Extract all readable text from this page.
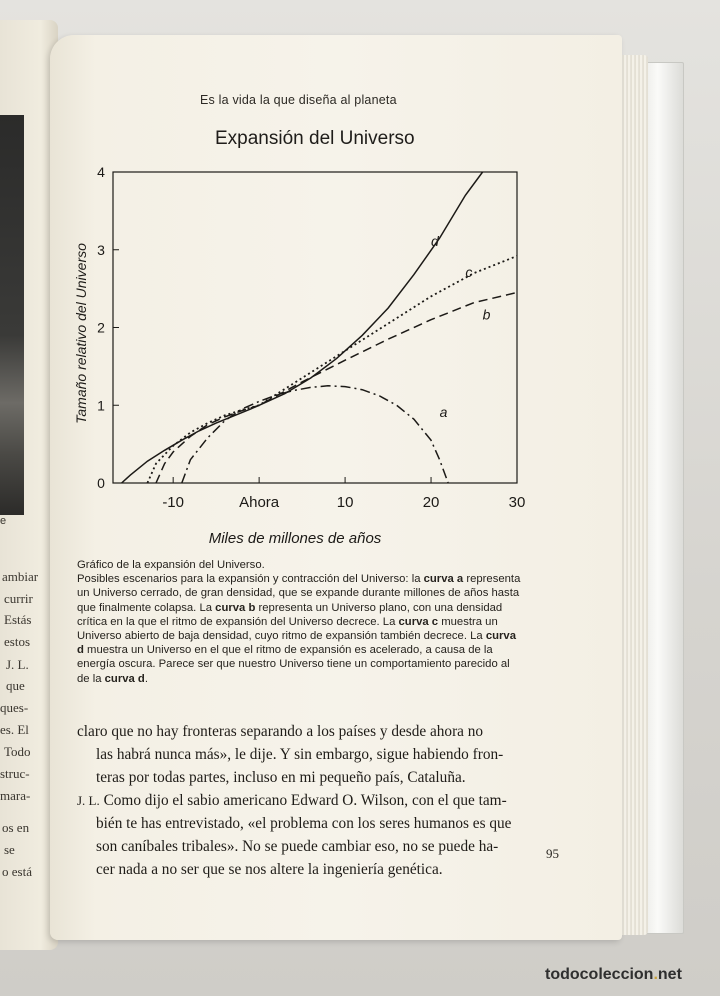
e
ambiar
currir
Estás
estos
J. L.
que
ques-
es. El
Todo
struc-
mara-
os en
se
o está
Es la vida la que diseña al planeta
Expansión del Universo
a
b
c
d
-10	Ahora	10	20	30
0
1
2
3
4
Tamaño relativo del Universo
Miles de millones de años
Gráfico de la expansión del Universo.
Posibles escenarios para la expansión y contracción del Universo: la curva a representa un Universo cerrado, de gran densidad, que se expande durante millones de años hasta que finalmente colapsa. La curva b representa un Universo plano, con una densidad crítica en la que el ritmo de expansión del Universo decrece. La curva c muestra un Universo abierto de baja densidad, cuyo ritmo de expansión también decrece. La curva d muestra un Universo en el que el ritmo de expansión es acelerado, a causa de la energía oscura. Parece ser que nuestro Universo tiene un comportamiento parecido al de la curva d.
claro que no hay fronteras separando a los países y desde ahora no
las habrá nunca más», le dije. Y sin embargo, sigue habiendo fron-
teras por todas partes, incluso en mi pequeño país, Cataluña.
J. L. Como dijo el sabio americano Edward O. Wilson, con el que tam-
bién te has entrevistado, «el problema con los seres humanos es que
son caníbales tribales». No se puede cambiar eso, no se puede ha-
cer nada a no ser que se nos altere la ingeniería genética.
95
todocoleccion.net
